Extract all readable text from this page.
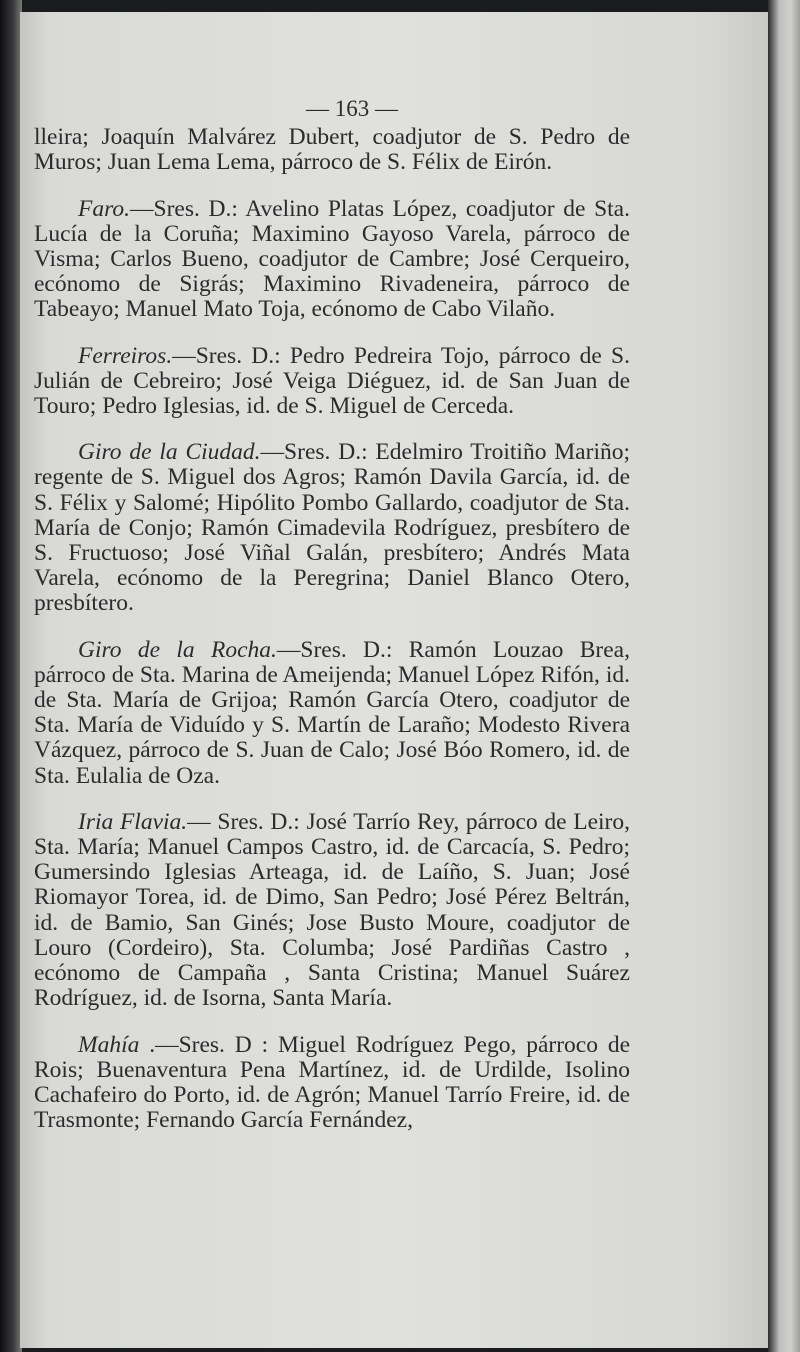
— 163 —

lleira; Joaquín Malvárez Dubert, coadjutor de S. Pedro de Muros; Juan Lema Lema, párroco de S. Félix de Eirón.

Faro.—Sres. D.: Avelino Platas López, coadjutor de Sta. Lucía de la Coruña; Maximino Gayoso Varela, párroco de Visma; Carlos Bueno, coadjutor de Cambre; José Cerqueiro, ecónomo de Sigrás; Maximino Rivadeneira, párroco de Tabeayo; Manuel Mato Toja, ecónomo de Cabo Vilaño.

Ferreiros.—Sres. D.: Pedro Pedreira Tojo, párroco de S. Julián de Cebreiro; José Veiga Diéguez, id. de San Juan de Touro; Pedro Iglesias, id. de S. Miguel de Cerceda.

Giro de la Ciudad.—Sres. D.: Edelmiro Troitiño Mariño; regente de S. Miguel dos Agros; Ramón Davila García, id. de S. Félix y Salomé; Hipólito Pombo Gallardo, coadjutor de Sta. María de Conjo; Ramón Cimadevila Rodríguez, presbítero de S. Fructuoso; José Viñal Galán, presbítero; Andrés Mata Varela, ecónomo de la Peregrina; Daniel Blanco Otero, presbítero.

Giro de la Rocha.—Sres. D.: Ramón Louzao Brea, párroco de Sta. Marina de Ameijenda; Manuel López Rifón, id. de Sta. María de Grijoa; Ramón García Otero, coadjutor de Sta. María de Viduído y S. Martín de Laraño; Modesto Rivera Vázquez, párroco de S. Juan de Calo; José Bóo Romero, id. de Sta. Eulalia de Oza.

Iria Flavia.— Sres. D.: José Tarrío Rey, párroco de Leiro, Sta. María; Manuel Campos Castro, id. de Carcacía, S. Pedro; Gumersindo Iglesias Arteaga, id. de Laíño, S. Juan; José Riomayor Torea, id. de Dimo, San Pedro; José Pérez Beltrán, id. de Bamio, San Ginés; Jose Busto Moure, coadjutor de Louro (Cordeiro), Sta. Columba; José Pardiñas Castro , ecónomo de Campaña , Santa Cristina; Manuel Suárez Rodríguez, id. de Isorna, Santa María.

Mahía .—Sres. D : Miguel Rodríguez Pego, párroco de Rois; Buenaventura Pena Martínez, id. de Urdilde, Isolino Cachafeiro do Porto, id. de Agrón; Manuel Tarrío Freire, id. de Trasmonte; Fernando García Fernández,
